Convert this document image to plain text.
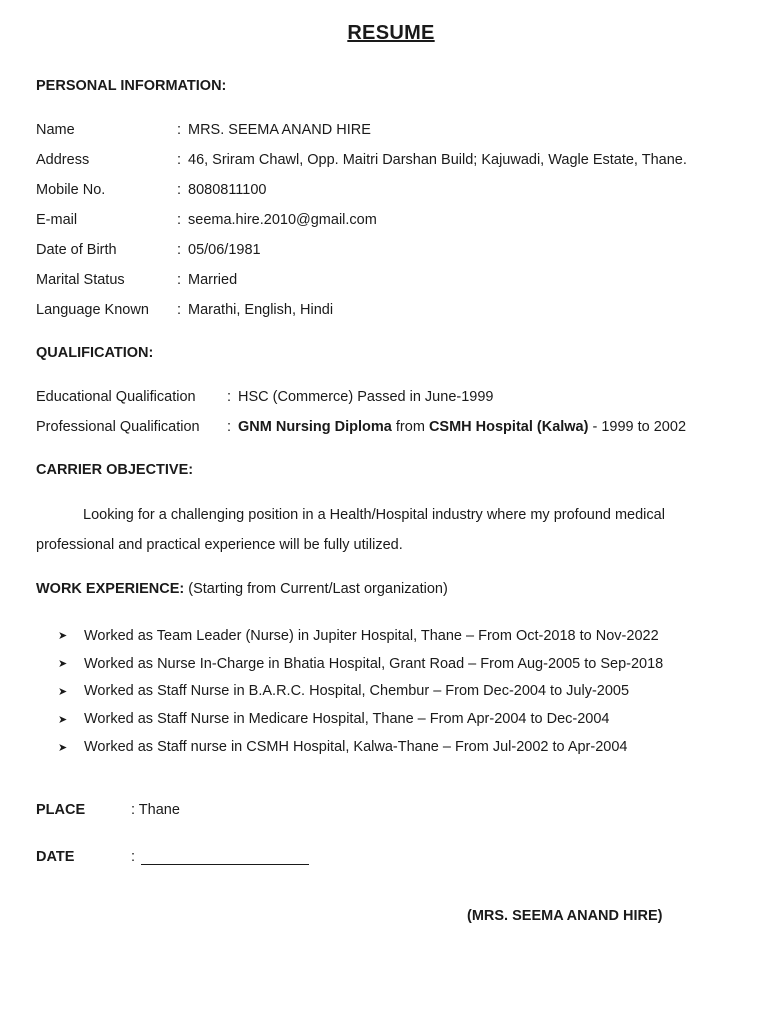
RESUME
PERSONAL INFORMATION:
Name	: MRS. SEEMA ANAND HIRE
Address	: 46, Sriram Chawl, Opp. Maitri Darshan Build; Kajuwadi, Wagle Estate, Thane.
Mobile No.	: 8080811100
E-mail	: seema.hire.2010@gmail.com
Date of Birth	: 05/06/1981
Marital Status	: Married
Language Known : Marathi, English, Hindi
QUALIFICATION:
Educational Qualification : HSC (Commerce) Passed in June-1999
Professional Qualification : GNM Nursing Diploma from CSMH Hospital (Kalwa) - 1999 to 2002
CARRIER OBJECTIVE:
Looking for a challenging position in a Health/Hospital industry where my profound medical professional and practical experience will be fully utilized.
WORK EXPERIENCE: (Starting from Current/Last organization)
➤	Worked as Team Leader (Nurse) in Jupiter Hospital, Thane – From Oct-2018 to Nov-2022
➤	Worked as Nurse In-Charge in Bhatia Hospital, Grant Road – From Aug-2005 to Sep-2018
➤	Worked as Staff Nurse in B.A.R.C. Hospital, Chembur – From Dec-2004 to July-2005
➤	Worked as Staff Nurse in Medicare Hospital, Thane – From Apr-2004 to Dec-2004
➤	Worked as Staff nurse in CSMH Hospital, Kalwa-Thane – From Jul-2002 to Apr-2004
PLACE	: Thane
DATE	:
(MRS. SEEMA ANAND HIRE)
